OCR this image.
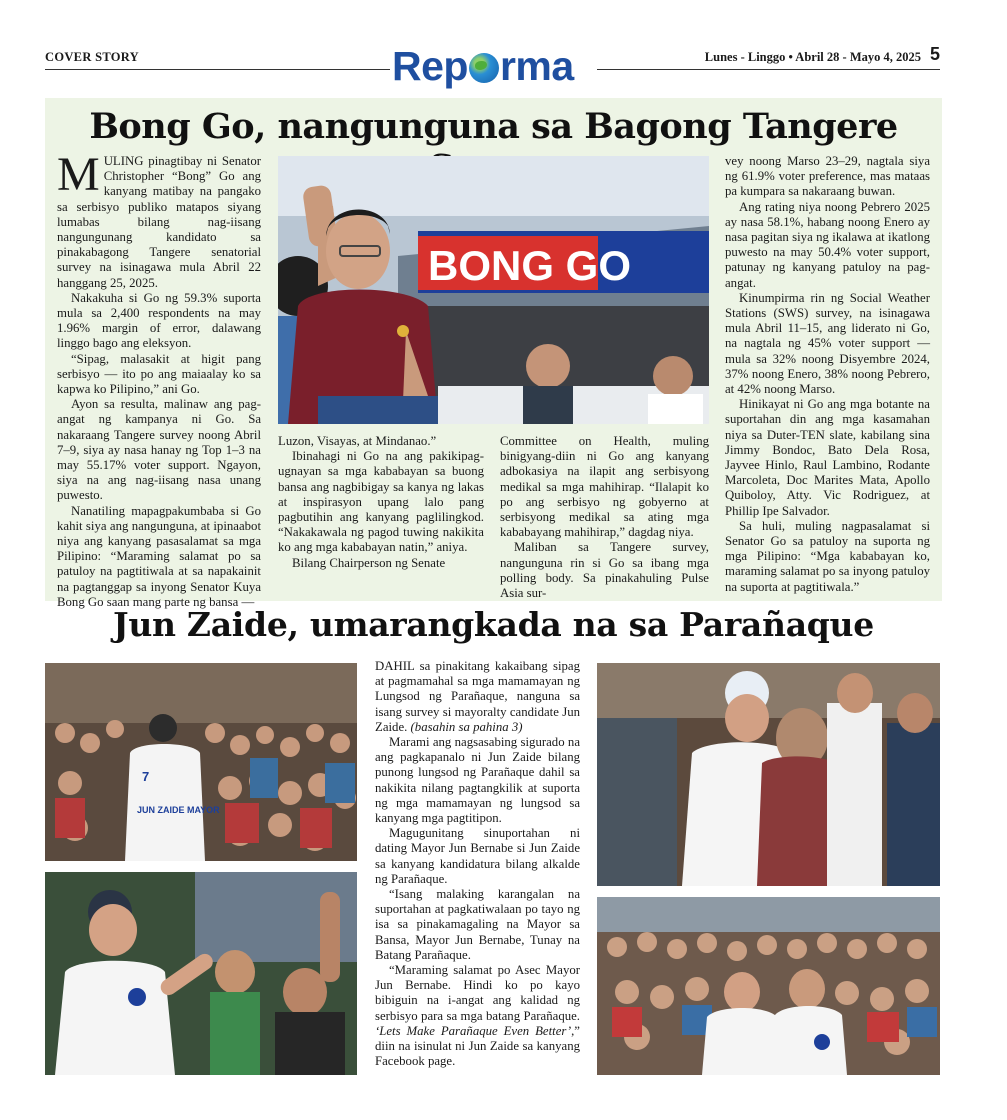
COVER STORY	Rep rma	Lunes - Linggo • Abril 28 - Mayo 4, 2025 5
Bong Go, nangunguna sa Bagong Tangere

MULING pinagtibay ni Senator Christopher “Bong” Go ang kanyang matibay na pangako sa serbisyo publiko matapos siyang lumabas bilang nag-iisang nangungunang kandidato sa pinakabagong Tangere senatorial survey na isinagawa mula Abril 22 hanggang 25, 2025.

Nakakuha si Go ng 59.3% suporta mula sa 2,400 respondents na may 1.96% margin of error, dalawang linggo bago ang eleksyon.

“Sipag, malasakit at higit pang serbisyo — ito po ang maiaalay ko sa kapwa ko Pilipino,” ani Go.

Ayon sa resulta, malinaw ang pag-angat ng kampanya ni Go. Sa nakaraang Tangere survey noong Abril 7–9, siya ay nasa hanay ng Top 1–3 na may 55.17% voter support. Ngayon, siya na ang nag-iisang nasa unang puwesto.

Nanatiling mapagpakumbaba si Go kahit siya ang nangunguna, at ipinaabot niya ang kanyang pasasalamat sa mga Pilipino: “Maraming salamat po sa patuloy na pagtitiwala at sa napakainit na pagtanggap sa inyong Senator Kuya Bong Go saan mang parte ng bansa —

BONG GO

Luzon, Visayas, at Mindanao.”

Ibinahagi ni Go na ang pakikipag-ugnayan sa mga kababayan sa buong bansa ang nagbibigay sa kanya ng lakas at inspirasyon upang lalo pang pagbutihin ang kanyang paglilingkod. “Nakakawala ng pagod tuwing nakikita ko ang mga kababayan natin,” aniya.

Bilang Chairperson ng Senate

Committee on Health, muling binigyang-diin ni Go ang kanyang adbokasiya na ilapit ang serbisyong medikal sa mga mahihirap. “Ilalapit ko po ang serbisyo ng gobyerno at serbisyong medikal sa ating mga kababayang mahihirap,” dagdag niya.

Maliban sa Tangere survey, nangunguna rin si Go sa ibang mga polling body. Sa pinakahuling Pulse Asia sur-

vey noong Marso 23–29, nagtala siya ng 61.9% voter preference, mas mataas pa kumpara sa nakaraang buwan.

Ang rating niya noong Pebrero 2025 ay nasa 58.1%, habang noong Enero ay nasa pagitan siya ng ikalawa at ikatlong puwesto na may 50.4% voter support, patunay ng kanyang patuloy na pag-angat.

Kinumpirma rin ng Social Weather Stations (SWS) survey, na isinagawa mula Abril 11–15, ang liderato ni Go, na nagtala ng 45% voter support — mula sa 32% noong Disyembre 2024, 37% noong Enero, 38% noong Pebrero, at 42% noong Marso.

Hinikayat ni Go ang mga botante na suportahan din ang mga kasamahan niya sa Duter-TEN slate, kabilang sina Jimmy Bondoc, Bato Dela Rosa, Jayvee Hinlo, Raul Lambino, Rodante Marcoleta, Doc Marites Mata, Apollo Quiboloy, Atty. Vic Rodriguez, at Phillip Ipe Salvador.

Sa huli, muling nagpasalamat si Senator Go sa patuloy na suporta ng mga Pilipino: “Mga kababayan ko, maraming salamat po sa inyong patuloy na suporta at pagtitiwala.”

Jun Zaide, umarangkada na sa Parañaque
7
JUN ZAIDE MAYOR

DAHIL sa pinakitang kakaibang sipag at pagmamahal sa mga mamamayan ng Lungsod ng Parañaque, nanguna sa isang survey si mayoralty candidate Jun Zaide. (basahin sa pahina 3)

Marami ang nagsasabing sigurado na ang pagkapanalo ni Jun Zaide bilang punong lungsod ng Parañaque dahil sa nakikita nilang pagtangkilik at suporta ng mga mamamayan ng lungsod sa kanyang mga pagtitipon.

Magugunitang sinuportahan ni dating Mayor Jun Bernabe si Jun Zaide sa kanyang kandidatura bilang alkalde ng Parañaque.

“Isang malaking karangalan na suportahan at pagkatiwalaan po tayo ng isa sa pinakamagaling na Mayor sa Bansa, Mayor Jun Bernabe, Tunay na Batang Parañaque.

“Maraming salamat po Asec Mayor Jun Bernabe. Hindi ko po kayo bibiguin na i-angat ang kalidad ng serbisyo para sa mga batang Parañaque. ‘Lets Make Parañaque Even Better’,” diin na isinulat ni Jun Zaide sa kanyang Facebook page.
